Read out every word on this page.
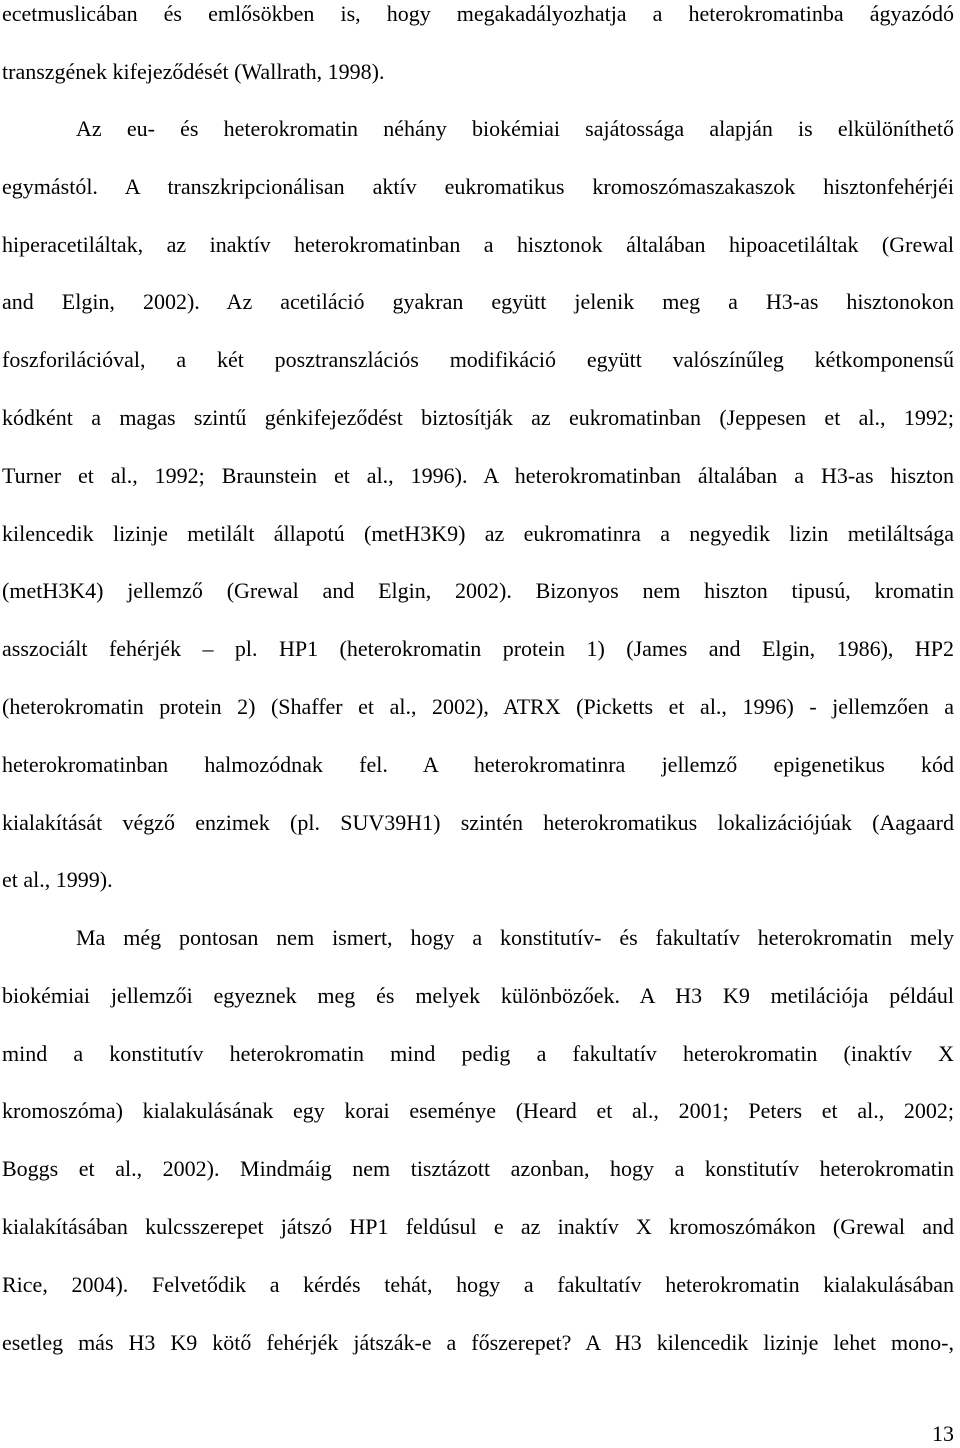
ecetmuslicában és emlősökben is, hogy megakadályozhatja a heterokromatinba ágyazódó
transzgének kifejeződését (Wallrath, 1998).
Az eu- és heterokromatin néhány biokémiai sajátossága alapján is elkülöníthető
egymástól. A transzkripcionálisan aktív eukromatikus kromoszómaszakaszok hisztonfehérjéi
hiperacetiláltak, az inaktív heterokromatinban a hisztonok általában hipoacetiláltak (Grewal
and Elgin, 2002). Az acetiláció gyakran együtt jelenik meg a H3-as hisztonokon
foszforilációval, a két posztranszlációs modifikáció együtt valószínűleg kétkomponensű
kódként a magas szintű génkifejeződést biztosítják az eukromatinban (Jeppesen et al., 1992;
Turner et al., 1992; Braunstein et al., 1996). A heterokromatinban általában a H3-as hiszton
kilencedik lizinje metilált állapotú (metH3K9) az eukromatinra a negyedik lizin metiláltsága
(metH3K4) jellemző (Grewal and Elgin, 2002). Bizonyos nem hiszton tipusú, kromatin
asszociált fehérjék – pl. HP1 (heterokromatin protein 1) (James and Elgin, 1986), HP2
(heterokromatin protein 2) (Shaffer et al., 2002), ATRX (Picketts et al., 1996) - jellemzően a
heterokromatinban halmozódnak fel. A heterokromatinra jellemző epigenetikus kód
kialakítását végző enzimek (pl. SUV39H1) szintén heterokromatikus lokalizációjúak (Aagaard
et al., 1999).
Ma még pontosan nem ismert, hogy a konstitutív- és fakultatív heterokromatin mely
biokémiai jellemzői egyeznek meg és melyek különbözőek. A H3 K9 metilációja például
mind a konstitutív heterokromatin mind pedig a fakultatív heterokromatin (inaktív X
kromoszóma) kialakulásának egy korai eseménye (Heard et al., 2001; Peters et al., 2002;
Boggs et al., 2002). Mindmáig nem tisztázott azonban, hogy a konstitutív heterokromatin
kialakításában kulcsszerepet játszó HP1 feldúsul e az inaktív X kromoszómákon (Grewal and
Rice, 2004). Felvetődik a kérdés tehát, hogy a fakultatív heterokromatin kialakulásában
esetleg más H3 K9 kötő fehérjék játszák-e a főszerepet? A H3 kilencedik lizinje lehet mono-,
13
